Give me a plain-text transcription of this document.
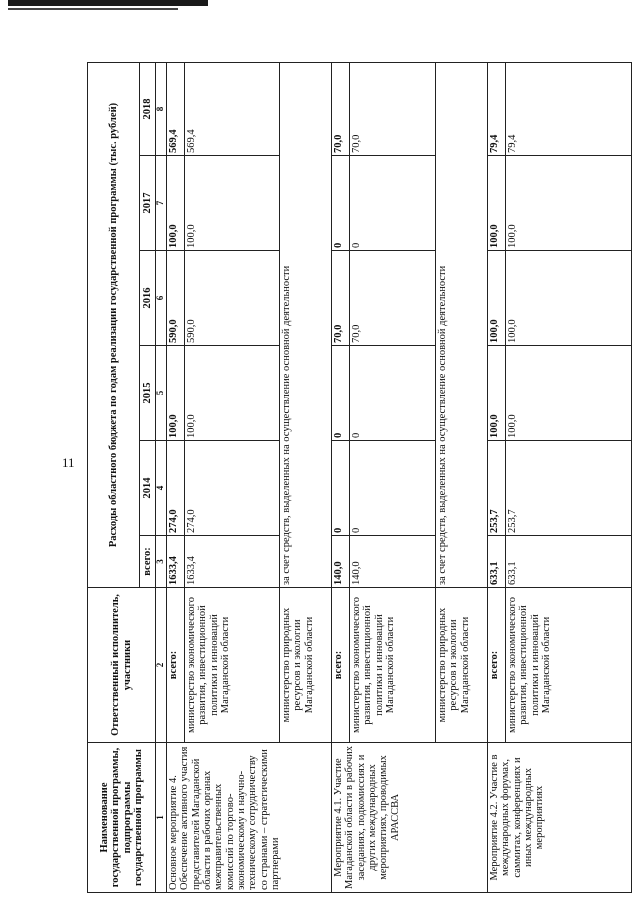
11
Наименование государственной программы, подпрограммы государственной программы	Ответственный исполнитель, участники	Расходы областного бюджета по годам реализации государственной программы (тыс. рублей)					
		всего:	2014	2015	2016	2017	2018
1	2	3	4	5	6	7	8
Основное мероприятие 4. Обеспечение активного участия представителей Магаданской области в рабочих органах межправительственных комиссий по торгово-экономическому и научно-техническому сотрудничеству со странами – стратегическими партнерами	всего:	1633,4	274,0	100,0	590,0	100,0	569,4
	министерство экономического развития, инвестиционной политики и инноваций Магаданской области	1633,4	274,0	100,0	590,0	100,0	569,4
	министерство природных ресурсов и экологии Магаданской области	за счет средств, выделенных на осуществление основной деятельности					
Мероприятие 4.1. Участие Магаданской области в рабочих заседаниях, подкомиссиях и других международных мероприятиях, проводимых АРАССВА	всего:	140,0	0	0	70,0	0	70,0
	министерство экономического развития, инвестиционной политики и инноваций Магаданской области	140,0	0	0	70,0	0	70,0
	министерство природных ресурсов и экологии Магаданской области	за счет средств, выделенных на осуществление основной деятельности					
Мероприятие 4.2. Участие в международных форумах, саммитах, конференциях и иных международных мероприятиях	всего:	633,1	253,7	100,0	100,0	100,0	79,4
	министерство экономического развития, инвестиционной политики и инноваций Магаданской области	633,1	253,7	100,0	100,0	100,0	79,4
